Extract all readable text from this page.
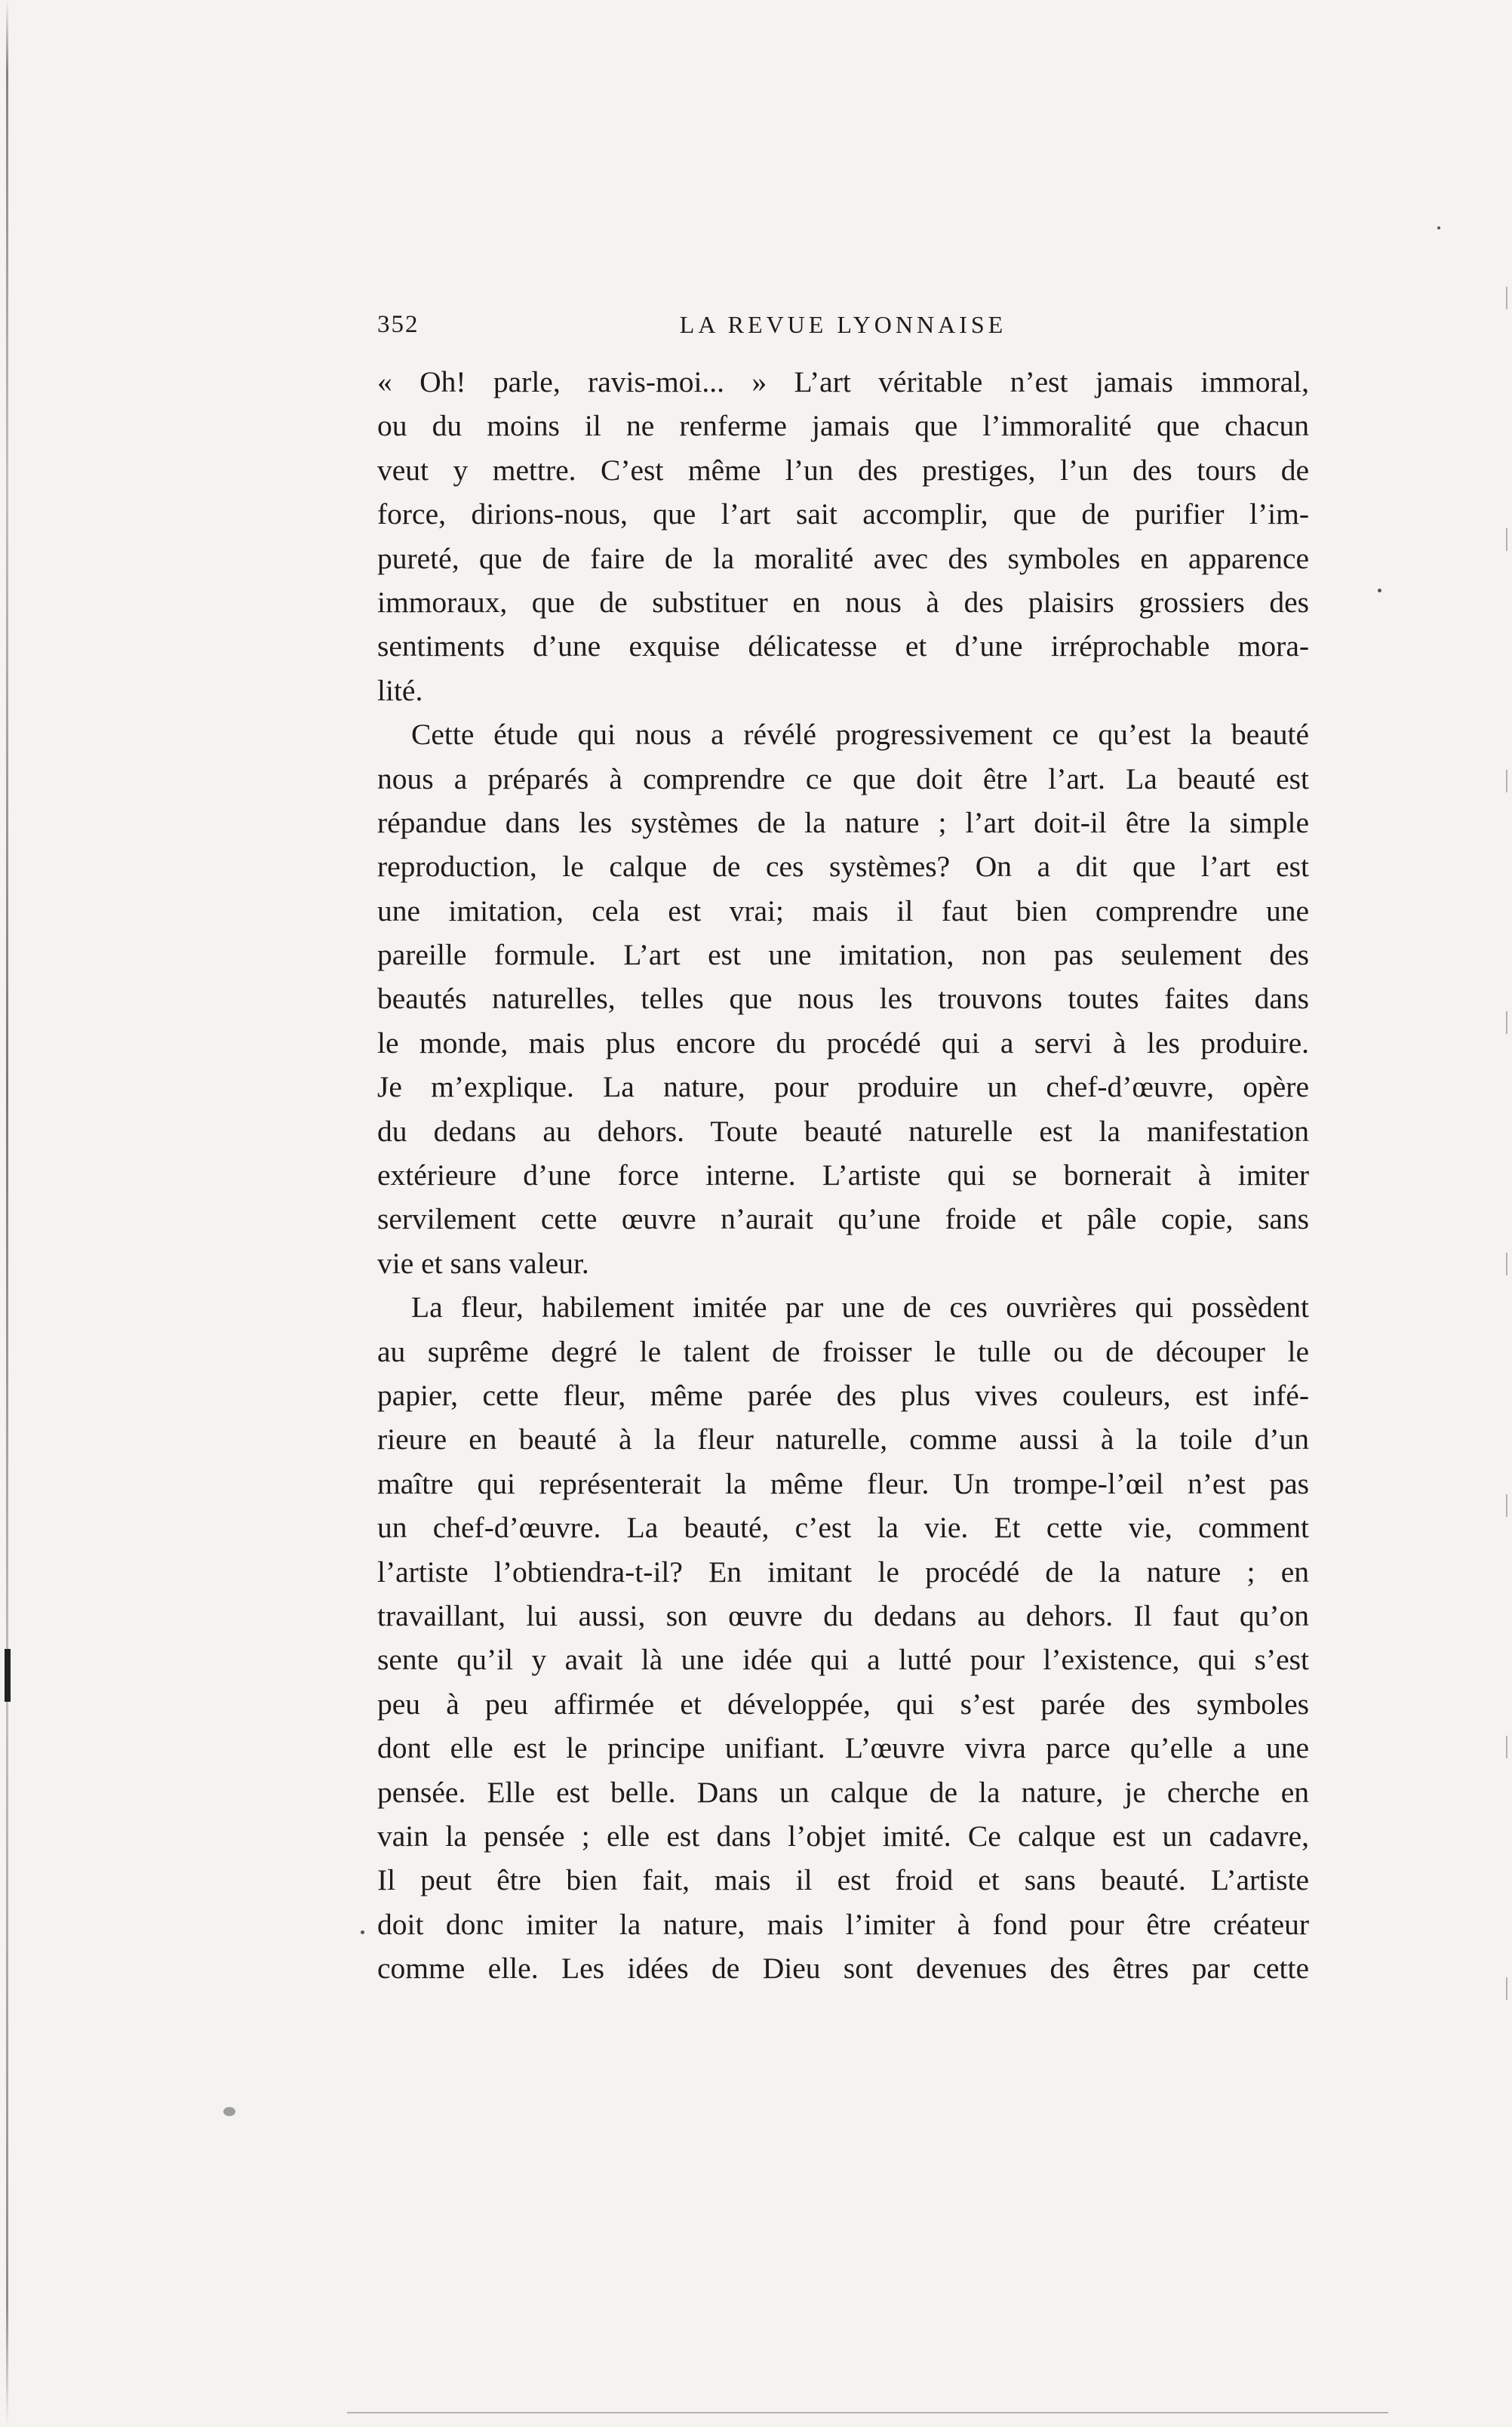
352	LA REVUE LYONNAISE
« Oh! parle, ravis-moi... » L’art véritable n’est jamais immoral,
ou du moins il ne renferme jamais que l’immoralité que chacun
veut y mettre. C’est même l’un des prestiges, l’un des tours de
force, dirions-nous, que l’art sait accomplir, que de purifier l’im-
pureté, que de faire de la moralité avec des symboles en apparence
immoraux, que de substituer en nous à des plaisirs grossiers des
sentiments d’une exquise délicatesse et d’une irréprochable mora-
lité.
Cette étude qui nous a révélé progressivement ce qu’est la beauté
nous a préparés à comprendre ce que doit être l’art. La beauté est
répandue dans les systèmes de la nature ; l’art doit-il être la simple
reproduction, le calque de ces systèmes? On a dit que l’art est
une imitation, cela est vrai; mais il faut bien comprendre une
pareille formule. L’art est une imitation, non pas seulement des
beautés naturelles, telles que nous les trouvons toutes faites dans
le monde, mais plus encore du procédé qui a servi à les produire.
Je m’explique. La nature, pour produire un chef-d’œuvre, opère
du dedans au dehors. Toute beauté naturelle est la manifestation
extérieure d’une force interne. L’artiste qui se bornerait à imiter
servilement cette œuvre n’aurait qu’une froide et pâle copie, sans
vie et sans valeur.
La fleur, habilement imitée par une de ces ouvrières qui possèdent
au suprême degré le talent de froisser le tulle ou de découper le
papier, cette fleur, même parée des plus vives couleurs, est infé-
rieure en beauté à la fleur naturelle, comme aussi à la toile d’un
maître qui représenterait la même fleur. Un trompe-l’œil n’est pas
un chef-d’œuvre. La beauté, c’est la vie. Et cette vie, comment
l’artiste l’obtiendra-t-il? En imitant le procédé de la nature ; en
travaillant, lui aussi, son œuvre du dedans au dehors. Il faut qu’on
sente qu’il y avait là une idée qui a lutté pour l’existence, qui s’est
peu à peu affirmée et développée, qui s’est parée des symboles
dont elle est le principe unifiant. L’œuvre vivra parce qu’elle a une
pensée. Elle est belle. Dans un calque de la nature, je cherche en
vain la pensée ; elle est dans l’objet imité. Ce calque est un cadavre,
Il peut être bien fait, mais il est froid et sans beauté. L’artiste
doit donc imiter la nature, mais l’imiter à fond pour être créateur
comme elle. Les idées de Dieu sont devenues des êtres par cette
